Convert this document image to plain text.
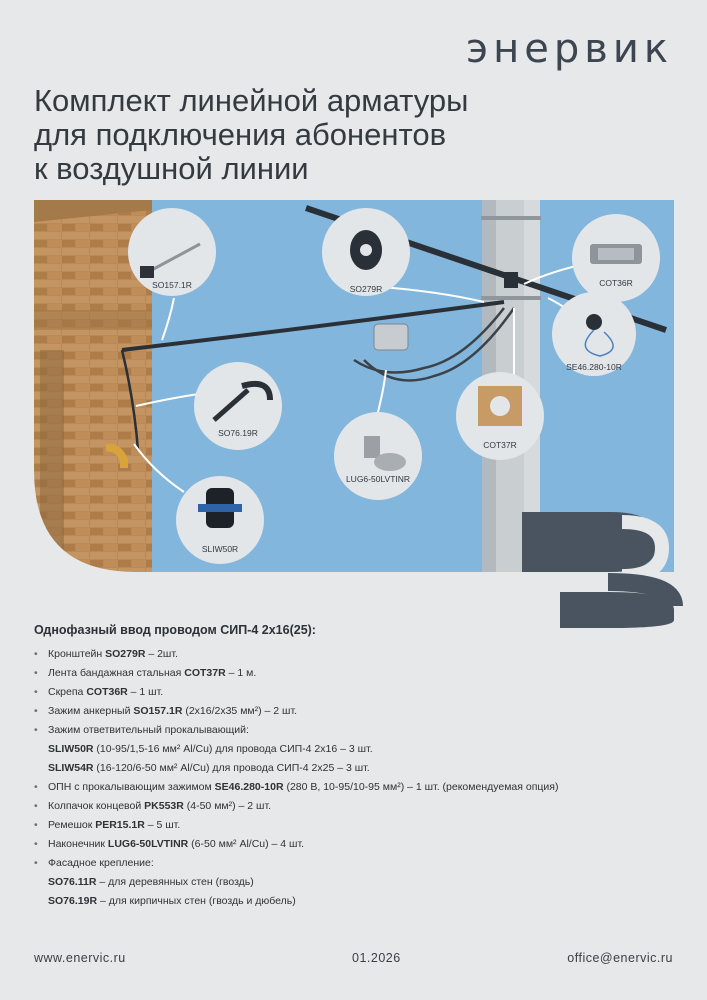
энервик
Комплект линейной арматуры
для подключения абонентов
к воздушной линии
SO157.1R	SO279R
COT36R
SE46.280-10R
SO76.19R
LUG6-50LVTINR
COT37R
SLIW50R
Однофазный ввод проводом СИП-4 2х16(25):
• Кронштейн SO279R – 2шт.
• Лента бандажная стальная COT37R – 1 м.
• Скрепа COT36R – 1 шт.
• Зажим анкерный SO157.1R (2х16/2х35 мм²) – 2 шт.
• Зажим ответвительный прокалывающий:
SLIW50R (10-95/1,5-16 мм² Al/Cu) для провода СИП-4 2х16 – 3 шт.
SLIW54R (16-120/6-50 мм² Al/Cu) для провода СИП-4 2х25 – 3 шт.
• ОПН с прокалывающим зажимом SE46.280-10R (280 В, 10-95/10-95 мм²) – 1 шт. (рекомендуемая опция)
• Колпачок концевой PK553R (4-50 мм²) – 2 шт.
• Ремешок PER15.1R – 5 шт.
• Наконечник LUG6-50LVTINR (6-50 мм² Al/Cu) – 4 шт.
• Фасадное крепление:
SO76.11R – для деревянных стен (гвоздь)
SO76.19R – для кирпичных стен (гвоздь и дюбель)
www.enervic.ru	01.2026	office@enervic.ru
